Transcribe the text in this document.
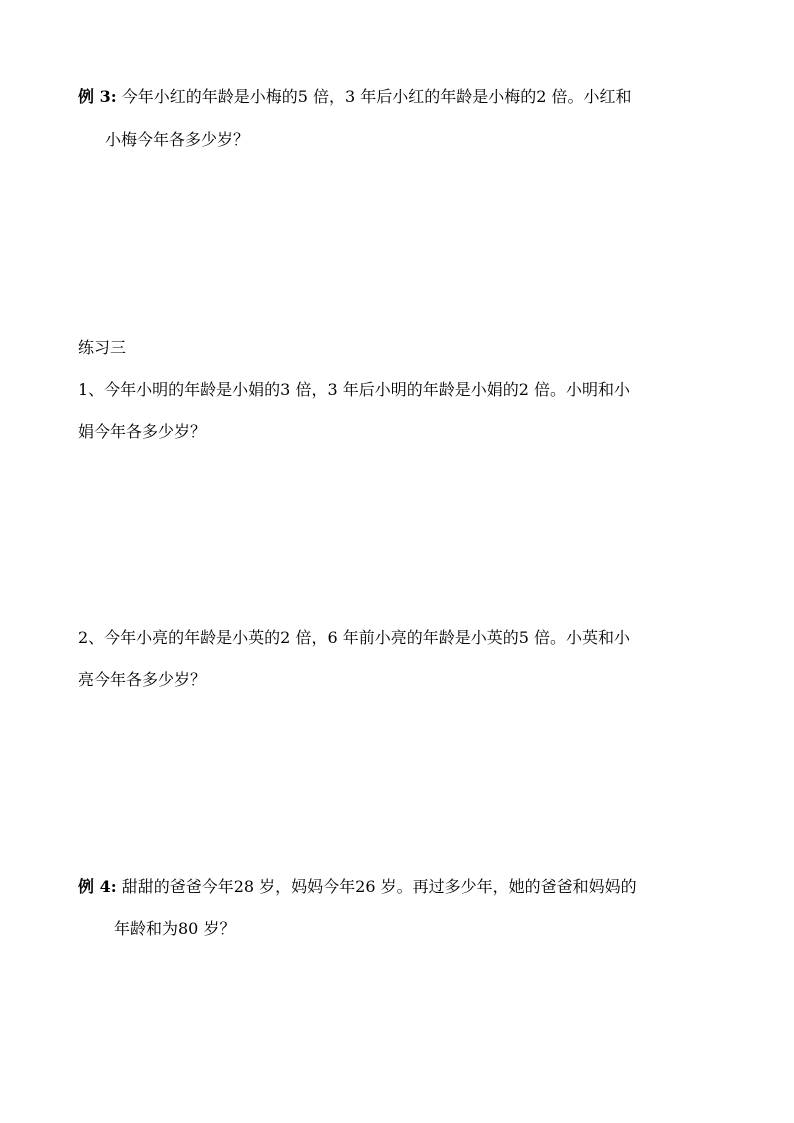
例 3: 今年小红的年龄是小梅的5 倍，3 年后小红的年龄是小梅的2 倍。小红和
小梅今年各多少岁？
练习三
1、今年小明的年龄是小娟的3 倍，3 年后小明的年龄是小娟的2 倍。小明和小
娟今年各多少岁？
2、今年小亮的年龄是小英的2 倍，6 年前小亮的年龄是小英的5 倍。小英和小
亮今年各多少岁？
例 4: 甜甜的爸爸今年28 岁，妈妈今年26 岁。再过多少年，她的爸爸和妈妈的
年龄和为80 岁？
